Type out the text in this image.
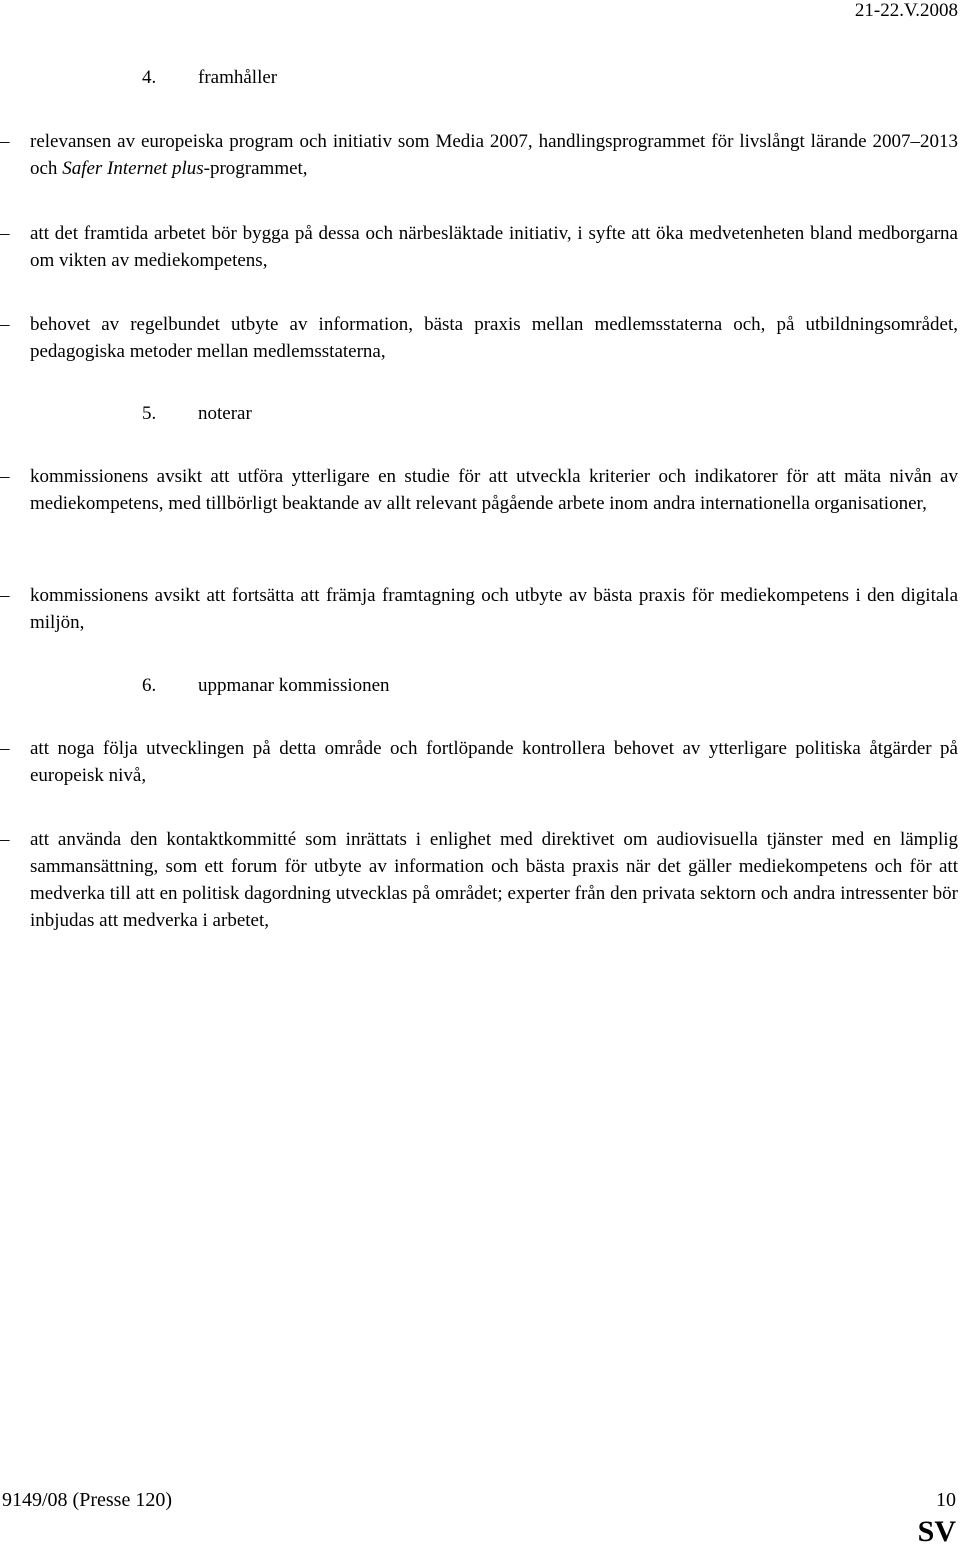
21-22.V.2008
4. framhåller
–	relevansen av europeiska program och initiativ som Media 2007, handlingsprogrammet för livslångt lärande 2007–2013 och Safer Internet plus-programmet,
–	att det framtida arbetet bör bygga på dessa och närbesläktade initiativ, i syfte att öka medvetenheten bland medborgarna om vikten av mediekompetens,
–	behovet av regelbundet utbyte av information, bästa praxis mellan medlemsstaterna och, på utbildningsområdet, pedagogiska metoder mellan medlemsstaterna,
5. noterar
–	kommissionens avsikt att utföra ytterligare en studie för att utveckla kriterier och indikatorer för att mäta nivån av mediekompetens, med tillbörligt beaktande av allt relevant pågående arbete inom andra internationella organisationer,
–	kommissionens avsikt att fortsätta att främja framtagning och utbyte av bästa praxis för mediekompetens i den digitala miljön,
6. uppmanar kommissionen
–	att noga följa utvecklingen på detta område och fortlöpande kontrollera behovet av ytterligare politiska åtgärder på europeisk nivå,
–	att använda den kontaktkommitté som inrättats i enlighet med direktivet om audiovisuella tjänster med en lämplig sammansättning, som ett forum för utbyte av information och bästa praxis när det gäller mediekompetens och för att medverka till att en politisk dagordning utvecklas på området; experter från den privata sektorn och andra intressenter bör inbjudas att medverka i arbetet,
9149/08 (Presse 120)	10
SV
